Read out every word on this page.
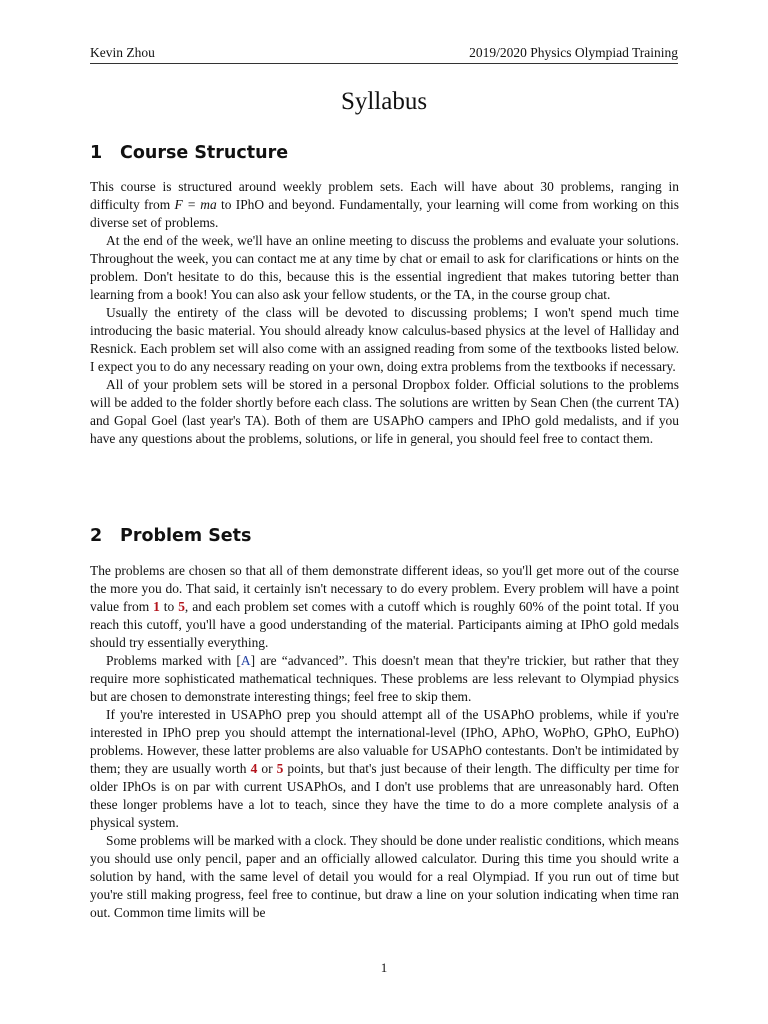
Kevin Zhou	2019/2020 Physics Olympiad Training
Syllabus
1 Course Structure

This course is structured around weekly problem sets. Each will have about 30 problems, ranging in difficulty from F = ma to IPhO and beyond. Fundamentally, your learning will come from working on this diverse set of problems.

At the end of the week, we'll have an online meeting to discuss the problems and evaluate your solutions. Throughout the week, you can contact me at any time by chat or email to ask for clarifications or hints on the problem. Don't hesitate to do this, because this is the essential ingredient that makes tutoring better than learning from a book! You can also ask your fellow students, or the TA, in the course group chat.

Usually the entirety of the class will be devoted to discussing problems; I won't spend much time introducing the basic material. You should already know calculus-based physics at the level of Halliday and Resnick. Each problem set will also come with an assigned reading from some of the textbooks listed below. I expect you to do any necessary reading on your own, doing extra problems from the textbooks if necessary.

All of your problem sets will be stored in a personal Dropbox folder. Official solutions to the problems will be added to the folder shortly before each class. The solutions are written by Sean Chen (the current TA) and Gopal Goel (last year's TA). Both of them are USAPhO campers and IPhO gold medalists, and if you have any questions about the problems, solutions, or life in general, you should feel free to contact them.

2 Problem Sets

The problems are chosen so that all of them demonstrate different ideas, so you'll get more out of the course the more you do. That said, it certainly isn't necessary to do every problem. Every problem will have a point value from 1 to 5, and each problem set comes with a cutoff which is roughly 60% of the point total. If you reach this cutoff, you'll have a good understanding of the material. Participants aiming at IPhO gold medals should try essentially everything.

Problems marked with [A] are “advanced”. This doesn't mean that they're trickier, but rather that they require more sophisticated mathematical techniques. These problems are less relevant to Olympiad physics but are chosen to demonstrate interesting things; feel free to skip them.

If you're interested in USAPhO prep you should attempt all of the USAPhO problems, while if you're interested in IPhO prep you should attempt the international-level (IPhO, APhO, WoPhO, GPhO, EuPhO) problems. However, these latter problems are also valuable for USAPhO contestants. Don't be intimidated by them; they are usually worth 4 or 5 points, but that's just because of their length. The difficulty per time for older IPhOs is on par with current USAPhOs, and I don't use problems that are unreasonably hard. Often these longer problems have a lot to teach, since they have the time to do a more complete analysis of a physical system.

Some problems will be marked with a clock. They should be done under realistic conditions, which means you should use only pencil, paper and an officially allowed calculator. During this time you should write a solution by hand, with the same level of detail you would for a real Olympiad. If you run out of time but you're still making progress, feel free to continue, but draw a line on your solution indicating when time ran out. Common time limits will be

1
